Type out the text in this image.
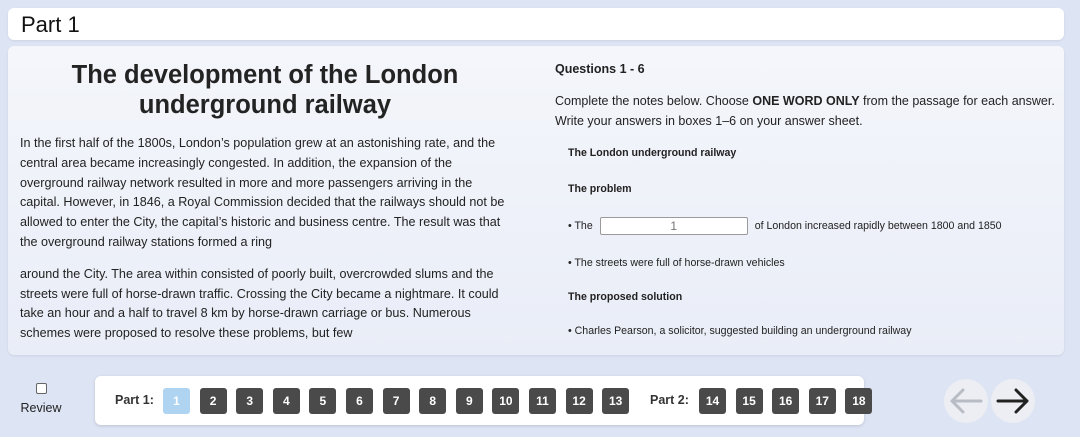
Part 1
The development of the London underground railway

In the first half of the 1800s, London’s population grew at an astonishing rate, and the central area became increasingly congested. In addition, the expansion of the overground railway network resulted in more and more passengers arriving in the capital. However, in 1846, a Royal Commission decided that the railways should not be allowed to enter the City, the capital’s historic and business centre. The result was that the overground railway stations formed a ring

around the City. The area within consisted of poorly built, overcrowded slums and the streets were full of horse-drawn traffic. Crossing the City became a nightmare. It could take an hour and a half to travel 8 km by horse-drawn carriage or bus. Numerous schemes were proposed to resolve these problems, but few

Questions 1 - 6
Complete the notes below. Choose ONE WORD ONLY from the passage for each answer. Write your answers in boxes 1–6 on your answer sheet.
The London underground railway
The problem
• The
1	of London increased rapidly between 1800 and 1850
• The streets were full of horse-drawn vehicles
The proposed solution
• Charles Pearson, a solicitor, suggested building an underground railway
Review
Part 1:	1	2	3	4	5	6	7	8	9	10	11	12	13	Part 2:	14	15	16	17	18
